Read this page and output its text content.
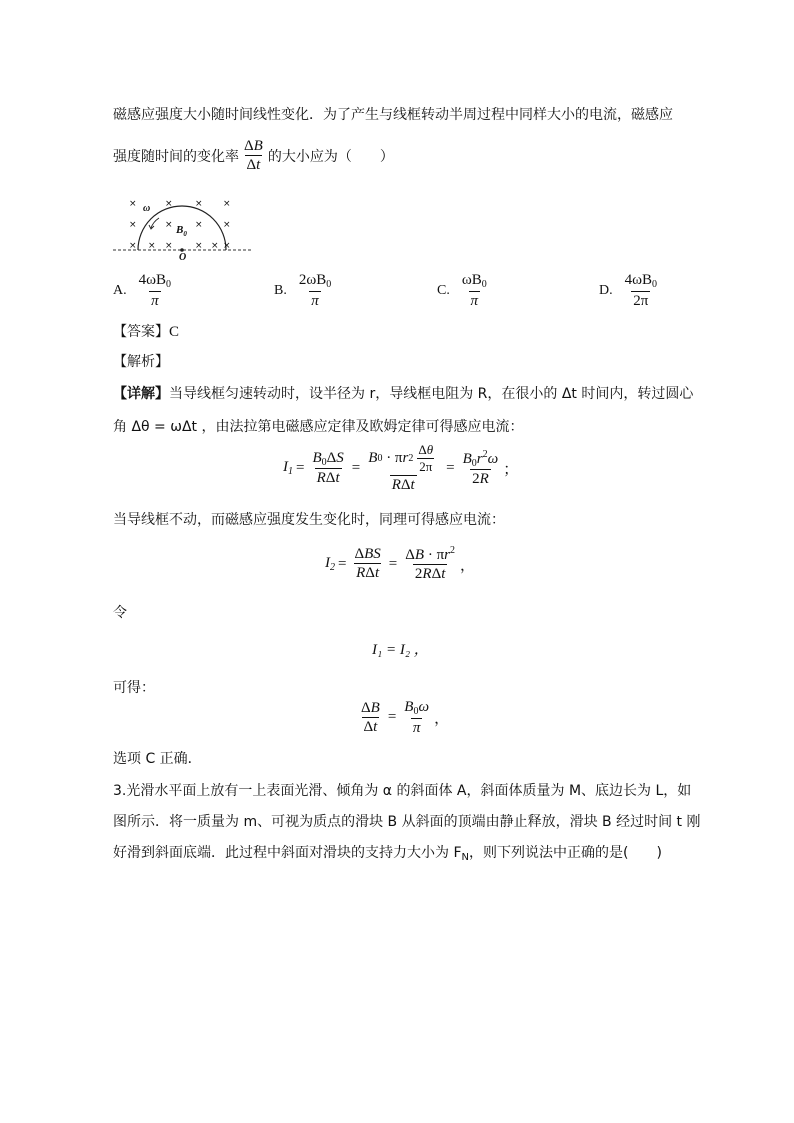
磁感应强度大小随时间线性变化．为了产生与线框转动半周过程中同样大小的电流，磁感应
强度随时间的变化率 $\frac{\Delta B}{\Delta t}$ 的大小应为（　　）
×	× × ×
×	× × ×
× × × × × ×
ω
$B_0$
O
A. $\frac{4\omega B_0}{\pi}$	B. $\frac{2\omega B_0}{\pi}$	C. $\frac{\omega B_0}{\pi}$	D. $\frac{4\omega B_0}{2\pi}$
【答案】C
【解析】
【详解】当导线框匀速转动时，设半径为 r，导线框电阻为 R，在很小的 Δt 时间内，转过圆心
角 Δθ = ωΔt ，由法拉第电磁感应定律及欧姆定律可得感应电流：
$I_1 = \frac{B_0\Delta S}{\text{RΔt}} = \frac{B 0 \cdot \pi r 2 \frac{\Delta\theta}{2\pi}}{\text{RΔt}} = \frac{B_0r^2\omega}{2R}$ ；
当导线框不动，而磁感应强度发生变化时，同理可得感应电流：
$I_2 = \frac{\text{ΔBS}}{\text{RΔt}} = \frac{\Delta B \cdot \pi r^2}{\text{2RΔt}}$ ，
令
I₁ = I₂ ，
可得：
$\frac{\Delta B}{\Delta t} = \frac{B_0\omega}{\pi}$ ，
选项 C 正确．
3.光滑水平面上放有一上表面光滑、倾角为 α 的斜面体 A，斜面体质量为 M、底边长为 L，如
图所示．将一质量为 m、可视为质点的滑块 B 从斜面的顶端由静止释放，滑块 B 经过时间 t 刚
好滑到斜面底端．此过程中斜面对滑块的支持力大小为 $F_N$，则下列说法中正确的是(　　)
